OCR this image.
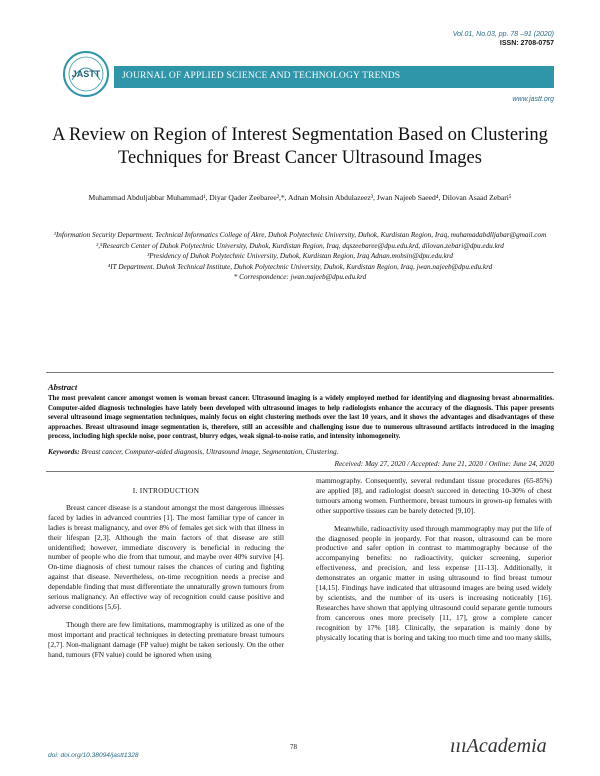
Vol.01, No.03, pp. 78 –91 (2020)
ISSN: 2708-0757
JASTT JOURNAL OF APPLIED SCIENCE AND TECHNOLOGY TRENDS
www.jastt.org
A Review on Region of Interest Segmentation Based on Clustering Techniques for Breast Cancer Ultrasound Images
Muhammad Abduljabbar Muhammad¹, Diyar Qader Zeebaree²,*, Adnan Mohsin Abdulazeez³, Jwan Najeeb Saeed⁴, Dilovan Asaad Zebari⁵

¹Information Security Department. Technical Informatics College of Akre, Duhok Polytechnic University, Duhok, Kurdistan Region, Iraq, muhamadabdlljabar@gmail.com

²,⁵Research Center of Duhok Polytechnic University, Duhok, Kurdistan Region, Iraq, dqszeebaree@dpu.edu.krd, dilovan.zebari@dpu.edu.krd

³Presidency of Duhok Polytechnic University, Duhok, Kurdistan Region, Iraq Adnan.mohsin@dpu.edu.krd

⁴IT Department. Duhok Technical Institute, Duhok Polytechnic University, Duhok, Kurdistan Region, Iraq, jwan.najeeb@dpu.edu.krd

* Correspondence: jwan.najeeb@dpu.edu.krd

Abstract
The most prevalent cancer amongst women is woman breast cancer. Ultrasound imaging is a widely employed method for identifying and diagnosing breast abnormalities. Computer-aided diagnosis technologies have lately been developed with ultrasound images to help radiologists enhance the accuracy of the diagnosis. This paper presents several ultrasound image segmentation techniques, mainly focus on eight clustering methods over the last 10 years, and it shows the advantages and disadvantages of these approaches. Breast ultrasound image segmentation is, therefore, still an accessible and challenging issue due to numerous ultrasound artifacts introduced in the imaging process, including high speckle noise, poor contrast, blurry edges, weak signal-to-noise ratio, and intensity inhomogeneity.
Keywords: Breast cancer, Computer-aided diagnosis, Ultrasound image, Segmentation, Clustering.
Received: May 27, 2020 / Accepted: June 21, 2020 / Online: June 24, 2020
I. INTRODUCTION

Breast cancer disease is a standout amongst the most dangerous illnesses faced by ladies in advanced countries [1]. The most familiar type of cancer in ladies is breast malignancy, and over 8% of females get sick with that illness in their lifespan [2,3]. Although the main factors of that disease are still unidentified; however, immediate discovery is beneficial in reducing the number of people who die from that tumour, and maybe over 40% survive [4]. On-time diagnosis of chest tumour raises the chances of curing and fighting against that disease. Nevertheless, on-time recognition needs a precise and dependable finding that must differentiate the unnaturally grown tumours from serious malignancy. An effective way of recognition could cause positive and adverse conditions [5,6].

Though there are few limitations, mammography is utilized as one of the most important and practical techniques in detecting premature breast tumours [2,7]. Non-malignant damage (FP value) might be taken seriously. On the other hand, tumours (FN value) could be ignored when using

mammography. Consequently, several redundant tissue procedures (65-85%) are applied [8], and radiologist doesn't succeed in detecting 10-30% of chest tumours among women. Furthermore, breast tumours in grown-up females with other supportive tissues can be barely detected [9,10].

Meanwhile, radioactivity used through mammography may put the life of the diagnosed people in jeopardy. For that reason, ultrasound can be more productive and safer option in contrast to mammography because of the accompanying benefits: no radioactivity, quicker screening, superior effectiveness, and precision, and less expense [11-13]. Additionally, it demonstrates an organic matter in using ultrasound to find breast tumour [14,15]. Findings have indicated that ultrasound images are being used widely by scientists, and the number of its users is increasing noticeably [16]. Researches have shown that applying ultrasound could separate gentle tumours from cancerous ones more precisely [11, 17], grow a complete cancer recognition by 17% [18]. Clinically, the separation is mainly done by physically locating that is boring and taking too much time and too many skills,

78
doi: doi.org/10.38094/jastt1328	ıııAcademia
